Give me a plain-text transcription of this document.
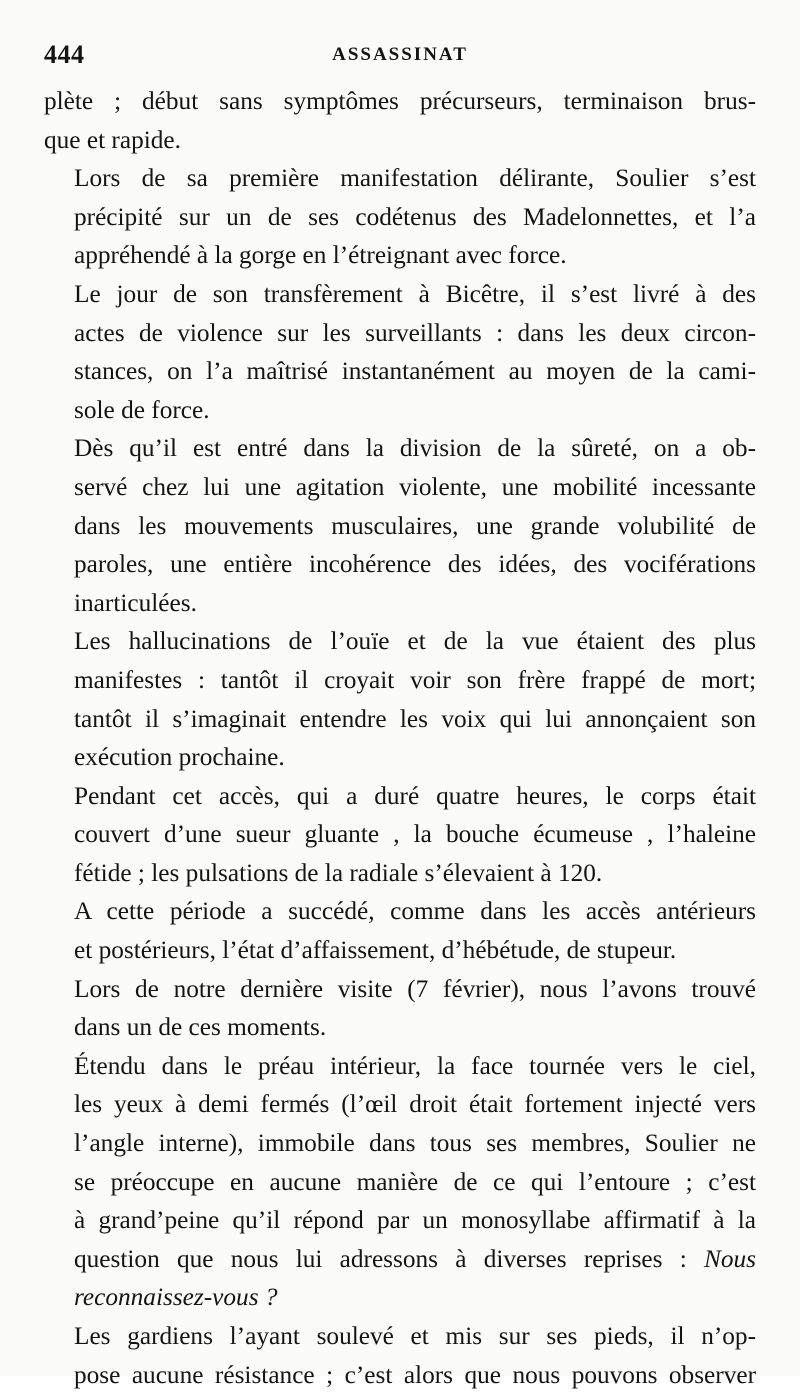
444	ASSASSINAT

plète ; début sans symptômes précurseurs, terminaison brus-
que et rapide.

Lors de sa première manifestation délirante, Soulier s’est
précipité sur un de ses codétenus des Madelonnettes, et l’a
appréhendé à la gorge en l’étreignant avec force.

Le jour de son transfèrement à Bicêtre, il s’est livré à des
actes de violence sur les surveillants : dans les deux circon-
stances, on l’a maîtrisé instantanément au moyen de la cami-
sole de force.

Dès qu’il est entré dans la division de la sûreté, on a ob-
servé chez lui une agitation violente, une mobilité incessante
dans les mouvements musculaires, une grande volubilité de
paroles, une entière incohérence des idées, des vociférations
inarticulées.

Les hallucinations de l’ouïe et de la vue étaient des plus
manifestes : tantôt il croyait voir son frère frappé de mort;
tantôt il s’imaginait entendre les voix qui lui annonçaient son
exécution prochaine.

Pendant cet accès, qui a duré quatre heures, le corps était
couvert d’une sueur gluante , la bouche écumeuse , l’haleine
fétide ; les pulsations de la radiale s’élevaient à 120.

A cette période a succédé, comme dans les accès antérieurs
et postérieurs, l’état d’affaissement, d’hébétude, de stupeur.

Lors de notre dernière visite (7 février), nous l’avons trouvé
dans un de ces moments.

Étendu dans le préau intérieur, la face tournée vers le ciel,
les yeux à demi fermés (l’œil droit était fortement injecté vers
l’angle interne), immobile dans tous ses membres, Soulier ne
se préoccupe en aucune manière de ce qui l’entoure ; c’est
à grand’peine qu’il répond par un monosyllabe affirmatif à la
question que nous lui adressons à diverses reprises : Nous
reconnaissez-vous ?

Les gardiens l’ayant soulevé et mis sur ses pieds, il n’op-
pose aucune résistance ; c’est alors que nous pouvons observer
